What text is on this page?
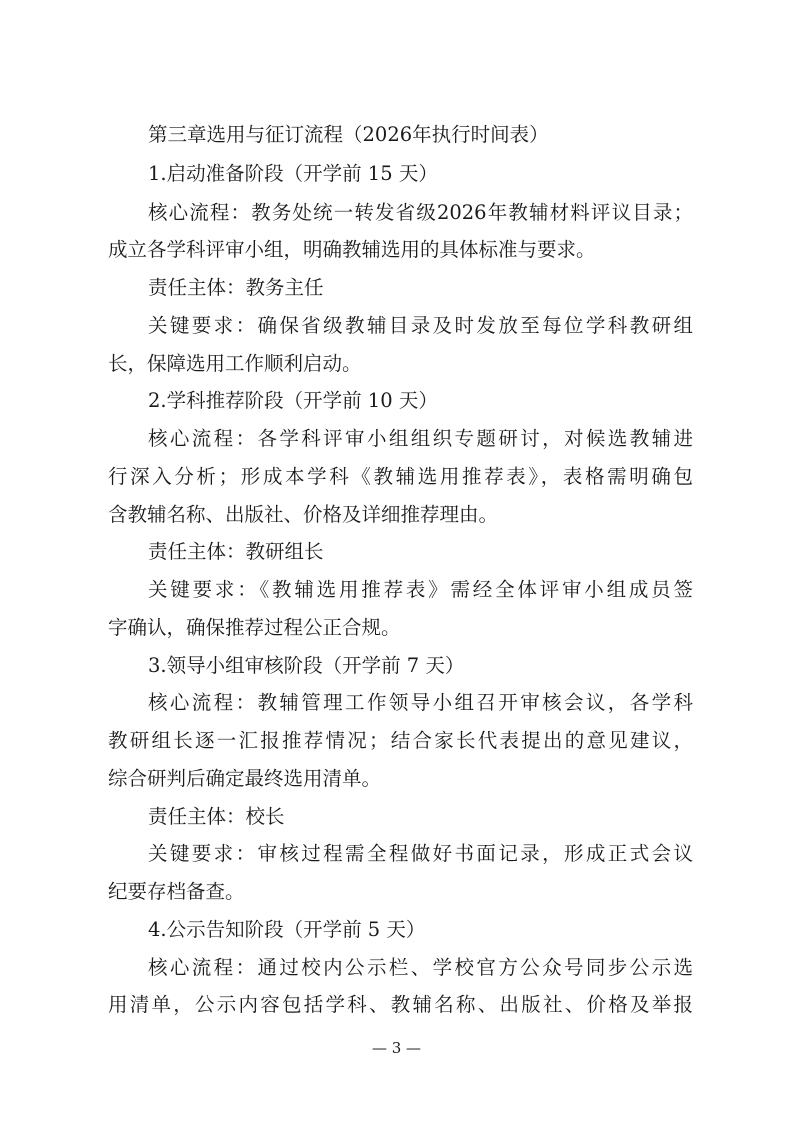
第三章选用与征订流程（2026年执行时间表）
1.启动准备阶段（开学前 15 天）
核心流程：教务处统一转发省级2026年教辅材料评议目录；
成立各学科评审小组，明确教辅选用的具体标准与要求。
责任主体：教务主任
关键要求：确保省级教辅目录及时发放至每位学科教研组
长，保障选用工作顺利启动。
2.学科推荐阶段（开学前 10 天）
核心流程：各学科评审小组组织专题研讨，对候选教辅进
行深入分析；形成本学科《教辅选用推荐表》，表格需明确包
含教辅名称、出版社、价格及详细推荐理由。
责任主体：教研组长
关键要求：《教辅选用推荐表》需经全体评审小组成员签
字确认，确保推荐过程公正合规。
3.领导小组审核阶段（开学前 7 天）
核心流程：教辅管理工作领导小组召开审核会议，各学科
教研组长逐一汇报推荐情况；结合家长代表提出的意见建议，
综合研判后确定最终选用清单。
责任主体：校长
关键要求：审核过程需全程做好书面记录，形成正式会议
纪要存档备查。
4.公示告知阶段（开学前 5 天）
核心流程：通过校内公示栏、学校官方公众号同步公示选
用清单，公示内容包括学科、教辅名称、出版社、价格及举报
— 3 —
